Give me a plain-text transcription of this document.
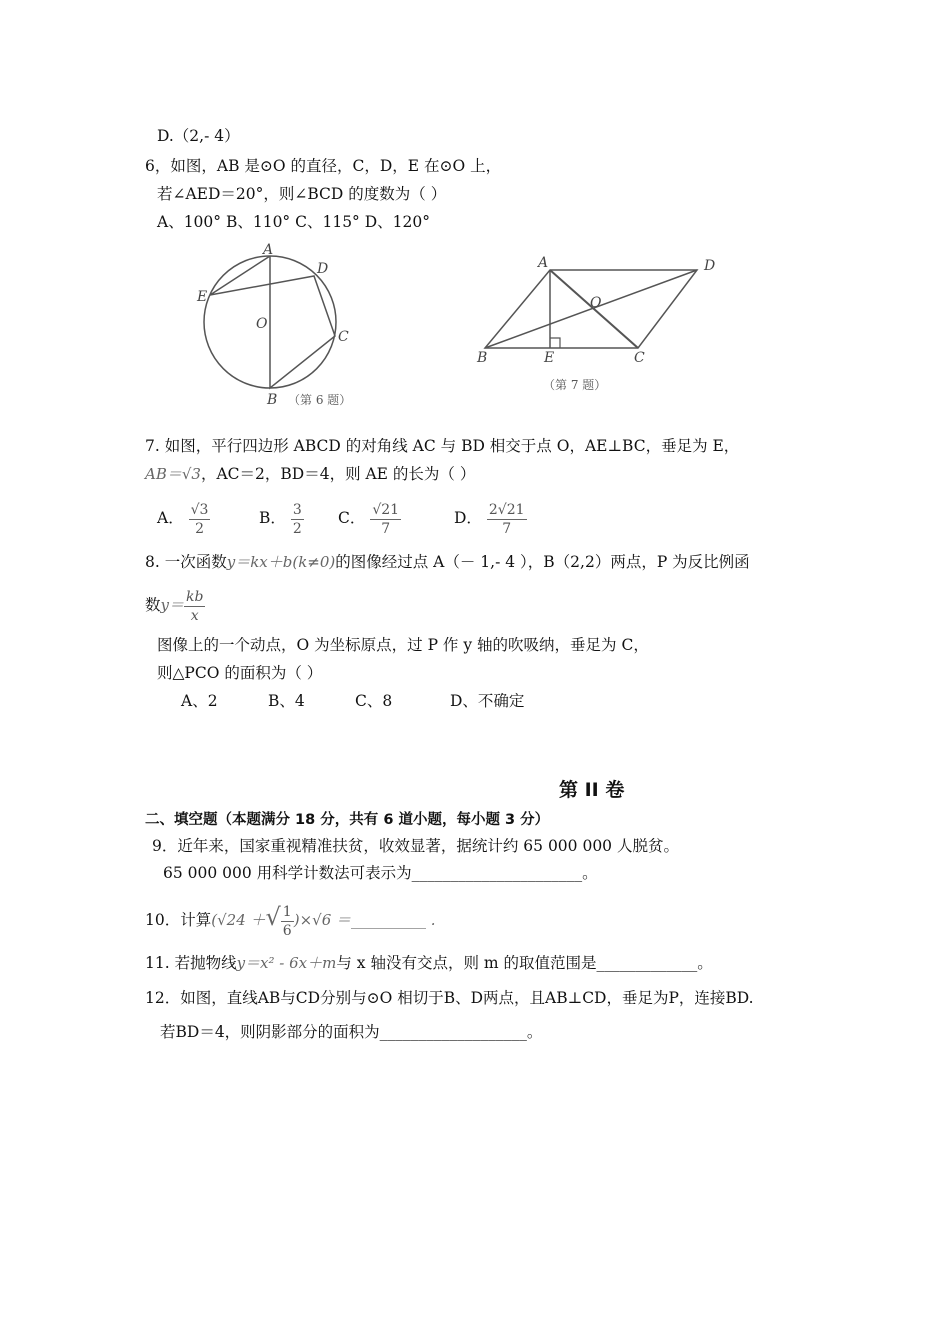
D.（2,- 4）
6，如图，AB 是⊙O 的直径，C，D，E 在⊙O 上，
若∠AED＝20°，则∠BCD 的度数为（ ）
A、100° B、110° C、115° D、120°
A
D
E
O
C
B （第 6 题）
A	D
O
B	E	C
（第 7 题）
7. 如图，平行四边形 ABCD 的对角线 AC 与 BD 相交于点 O，AE⊥BC，垂足为 E，
AB＝√3，AC＝2，BD＝4，则 AE 的长为（ ）
A． $\frac{√3}{2}$	B． $\frac{3}{2}$ C． $\frac{√21}{7}$	D． $\frac{2√21}{7}$
8. 一次函数y＝kx＋b(k≠0)的图像经过点 A（－ 1,- 4 ），B（2,2）两点，P 为反比例函
数$y= \frac{kb}{x}$
图像上的一个动点，O 为坐标原点，过 P 作 y 轴的吹吸纳，垂足为 C，
则△PCO 的面积为（ ）
A、2	B、4	C、8	D、不确定
第 II 卷
二、填空题（本题满分 18 分，共有 6 道小题，每小题 3 分）
9．近年来，国家重视精准扶贫，收效显著，据统计约 65 000 000 人脱贫。
65 000 000 用科学计数法可表示为______________________。
10．计算(√24 ＋√ $\frac{1}{6} )\times√6$ ＝__________ .
11. 若抛物线y＝x² - 6x＋m与 x 轴没有交点，则 m 的取值范围是_____________。
12．如图，直线AB与CD分别与⊙O 相切于B、D两点，且AB⊥CD，垂足为P，连接BD.
若BD＝4，则阴影部分的面积为___________________。
